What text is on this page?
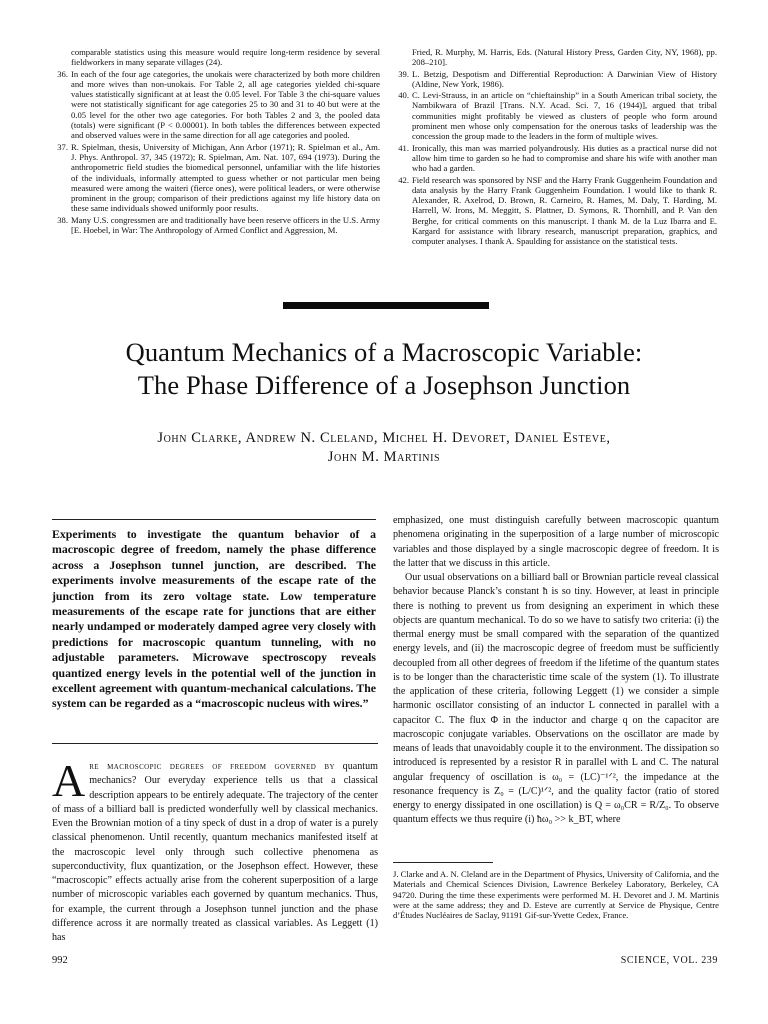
comparable statistics using this measure would require long-term residence by several fieldworkers in many separate villages (24).
36. In each of the four age categories, the unokais were characterized by both more children and more wives than non-unokais. For Table 2, all age categories yielded chi-square values statistically significant at at least the 0.05 level. For Table 3 the chi-square values were not statistically significant for age categories 25 to 30 and 31 to 40 but were at the 0.05 level for the other two age categories. For both Tables 2 and 3, the pooled data (totals) were significant (P < 0.00001). In both tables the differences between expected and observed values were in the same direction for all age categories and pooled.
37. R. Spielman, thesis, University of Michigan, Ann Arbor (1971); R. Spielman et al., Am. J. Phys. Anthropol. 37, 345 (1972); R. Spielman, Am. Nat. 107, 694 (1973). During the anthropometric field studies the biomedical personnel, unfamiliar with the life histories of the individuals, informally attempted to guess whether or not particular men being measured were among the waiteri (fierce ones), were political leaders, or were otherwise prominent in the group; comparison of their predictions against my life history data on these same individuals showed uniformly poor results.
38. Many U.S. congressmen are and traditionally have been reserve officers in the U.S. Army [E. Hoebel, in War: The Anthropology of Armed Conflict and Aggression, M.
Fried, R. Murphy, M. Harris, Eds. (Natural History Press, Garden City, NY, 1968), pp. 208–210].
39. L. Betzig, Despotism and Differential Reproduction: A Darwinian View of History (Aldine, New York, 1986).
40. C. Levi-Strauss, in an article on “chieftainship” in a South American tribal society, the Nambikwara of Brazil [Trans. N.Y. Acad. Sci. 7, 16 (1944)], argued that tribal communities might profitably be viewed as clusters of people who form around prominent men whose only compensation for the onerous tasks of leadership was the concession the group made to the leaders in the form of multiple wives.
41. Ironically, this man was married polyandrously. His duties as a practical nurse did not allow him time to garden so he had to compromise and share his wife with another man who had a garden.
42. Field research was sponsored by NSF and the Harry Frank Guggenheim Foundation and data analysis by the Harry Frank Guggenheim Foundation. I would like to thank R. Alexander, R. Axelrod, D. Brown, R. Carneiro, R. Hames, M. Daly, T. Harding, M. Harrell, W. Irons, M. Meggitt, S. Plattner, D. Symons, R. Thornhill, and P. Van den Berghe, for critical comments on this manuscript. I thank M. de la Luz Ibarra and E. Kargard for assistance with library research, manuscript preparation, graphics, and computer analyses. I thank A. Spaulding for assistance on the statistical tests.
Quantum Mechanics of a Macroscopic Variable:
The Phase Difference of a Josephson Junction
John Clarke, Andrew N. Cleland, Michel H. Devoret, Daniel Esteve,
John M. Martinis
Experiments to investigate the quantum behavior of a macroscopic degree of freedom, namely the phase difference across a Josephson tunnel junction, are described. The experiments involve measurements of the escape rate of the junction from its zero voltage state. Low temperature measurements of the escape rate for junctions that are either nearly undamped or moderately damped agree very closely with predictions for macroscopic quantum tunneling, with no adjustable parameters. Microwave spectroscopy reveals quantized energy levels in the potential well of the junction in excellent agreement with quantum-mechanical calculations. The system can be regarded as a “macroscopic nucleus with wires.”
Are macroscopic degrees of freedom governed by quantum mechanics? Our everyday experience tells us that a classical description appears to be entirely adequate. The trajectory of the center of mass of a billiard ball is predicted wonderfully well by classical mechanics. Even the Brownian motion of a tiny speck of dust in a drop of water is a purely classical phenomenon. Until recently, quantum mechanics manifested itself at the macroscopic level only through such collective phenomena as superconductivity, flux quantization, or the Josephson effect. However, these “macroscopic” effects actually arise from the coherent superposition of a large number of microscopic variables each governed by quantum mechanics. Thus, for example, the current through a Josephson tunnel junction and the phase difference across it are normally treated as classical variables. As Leggett (1) has

emphasized, one must distinguish carefully between macroscopic quantum phenomena originating in the superposition of a large number of microscopic variables and those displayed by a single macroscopic degree of freedom. It is the latter that we discuss in this article.

Our usual observations on a billiard ball or Brownian particle reveal classical behavior because Planck’s constant ħ is so tiny. However, at least in principle there is nothing to prevent us from designing an experiment in which these objects are quantum mechanical. To do so we have to satisfy two criteria: (i) the thermal energy must be small compared with the separation of the quantized energy levels, and (ii) the macroscopic degree of freedom must be sufficiently decoupled from all other degrees of freedom if the lifetime of the quantum states is to be longer than the characteristic time scale of the system (1). To illustrate the application of these criteria, following Leggett (1) we consider a simple harmonic oscillator consisting of an inductor L connected in parallel with a capacitor C. The flux Φ in the inductor and charge q on the capacitor are macroscopic conjugate variables. Observations on the oscillator are made by means of leads that unavoidably couple it to the environment. The dissipation so introduced is represented by a resistor R in parallel with L and C. The natural angular frequency of oscillation is ω₀ = (LC)⁻¹ᐟ², the impedance at the resonance frequency is Z₀ = (L/C)¹ᐟ², and the quality factor (ratio of stored energy to energy dissipated in one oscillation) is Q = ω₀CR = R/Z₀. To observe quantum effects we thus require (i) ħω₀ >> k_BT, where

J. Clarke and A. N. Cleland are in the Department of Physics, University of California, and the Materials and Chemical Sciences Division, Lawrence Berkeley Laboratory, Berkeley, CA 94720. During the time these experiments were performed M. H. Devoret and J. M. Martinis were at the same address; they and D. Esteve are currently at Service de Physique, Centre d’Études Nucléaires de Saclay, 91191 Gif-sur-Yvette Cedex, France.
992	SCIENCE, VOL. 239
